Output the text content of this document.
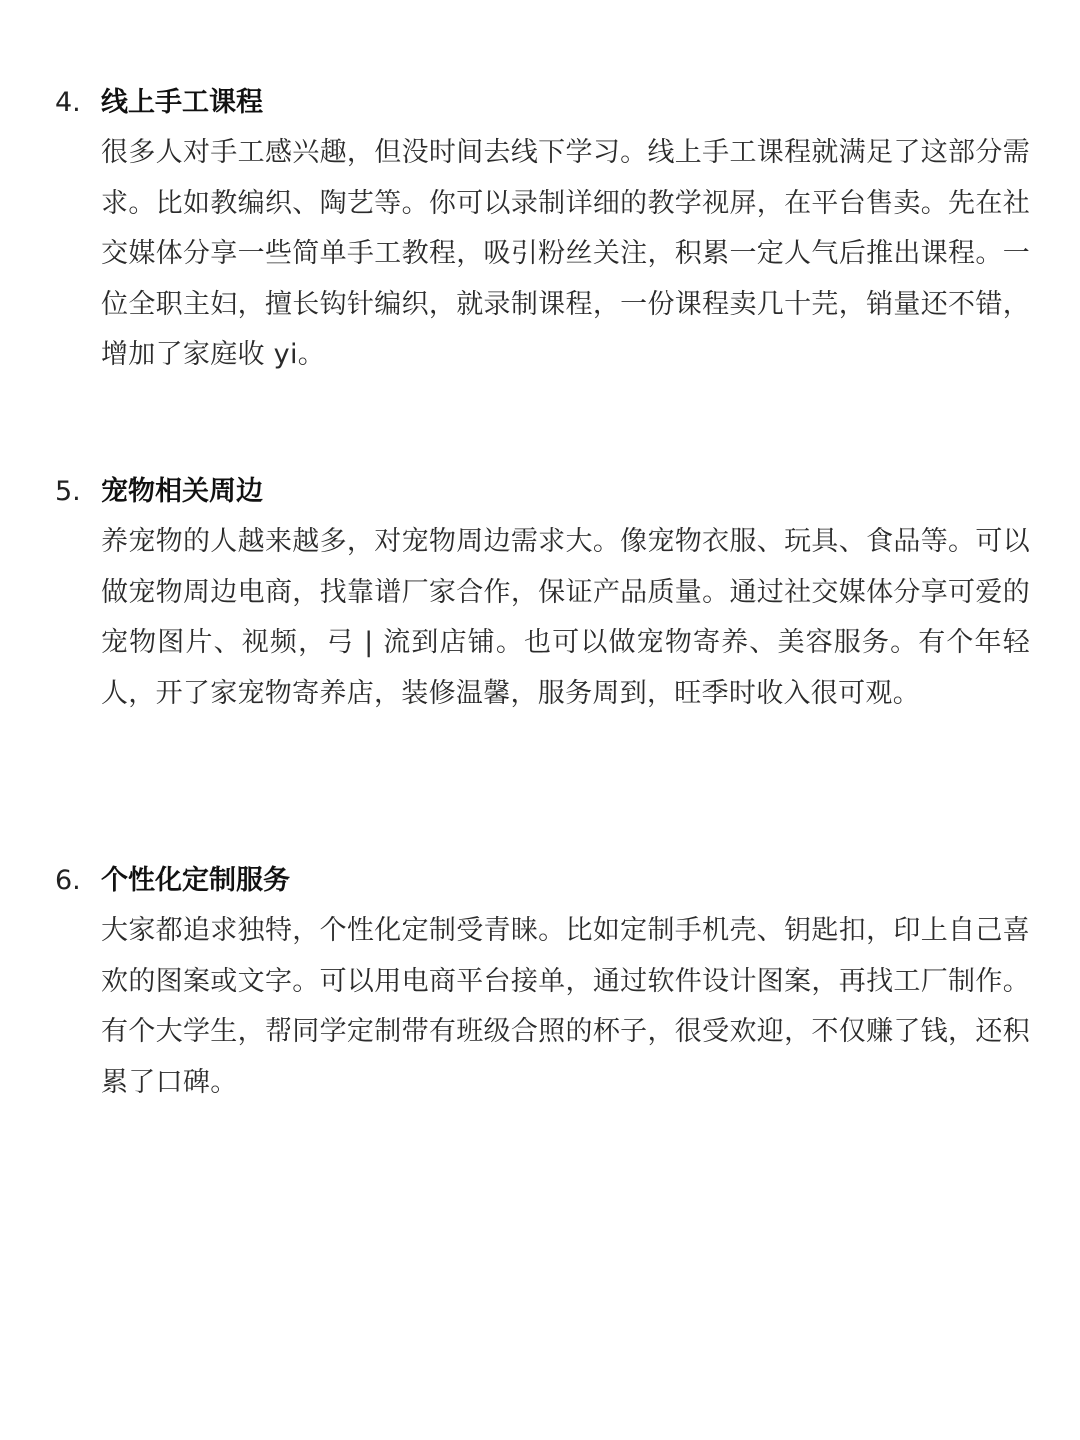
4. 线上手工课程

很多人对手工感兴趣，但没时间去线下学习。线上手工课程就满足了这部分需求。比如教编织、陶艺等。你可以录制详细的教学视屏，在平台售卖。先在社交媒体分享一些简单手工教程，吸引粉丝关注，积累一定人气后推出课程。一位全职主妇，擅长钩针编织，就录制课程，一份课程卖几十芫，销量还不错，增加了家庭收 yi。

5. 宠物相关周边

养宠物的人越来越多，对宠物周边需求大。像宠物衣服、玩具、食品等。可以做宠物周边电商，找靠谱厂家合作，保证产品质量。通过社交媒体分享可爱的宠物图片、视频，弓 | 流到店铺。也可以做宠物寄养、美容服务。有个年轻人，开了家宠物寄养店，装修温馨，服务周到，旺季时收入很可观。

6. 个性化定制服务

大家都追求独特，个性化定制受青睐。比如定制手机壳、钥匙扣，印上自己喜欢的图案或文字。可以用电商平台接单，通过软件设计图案，再找工厂制作。有个大学生，帮同学定制带有班级合照的杯子，很受欢迎，不仅赚了钱，还积累了口碑。
